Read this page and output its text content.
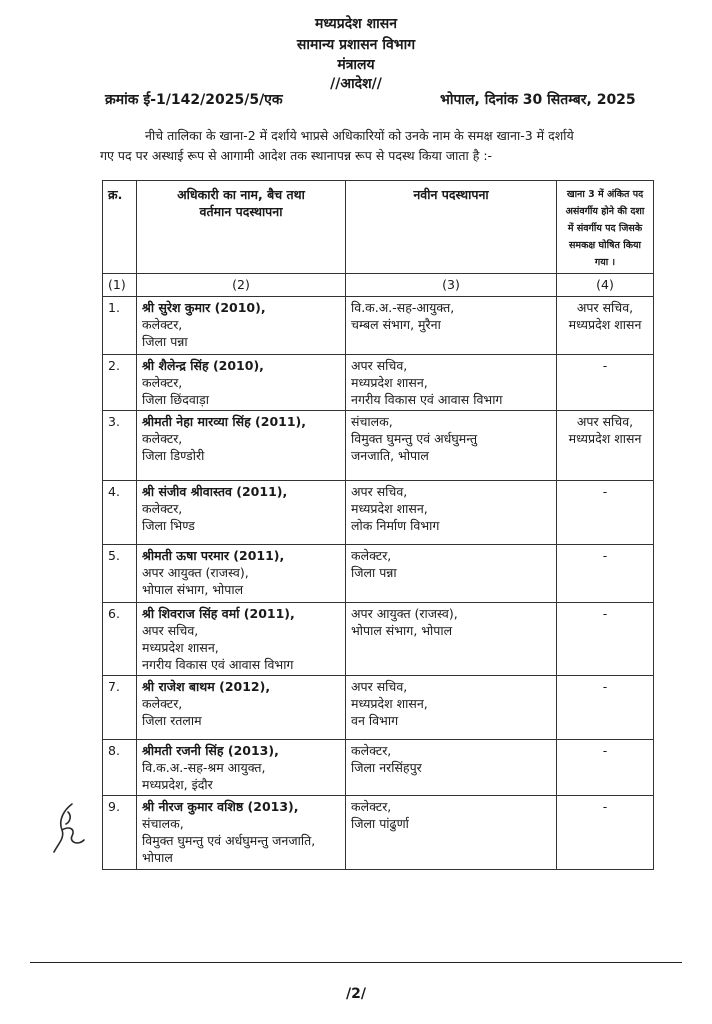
मध्यप्रदेश शासन
सामान्य प्रशासन विभाग
मंत्रालय
//आदेश//
क्रमांक ई-1/142/2025/5/एक	भोपाल, दिनांक 30 सितम्बर, 2025
नीचे तालिका के खाना-2 में दर्शाये भाप्रसे अधिकारियों को उनके नाम के समक्ष खाना-3 में दर्शाये
गए पद पर अस्थाई रूप से आगामी आदेश तक स्थानापन्न रूप से पदस्थ किया जाता है :-
क्र.	अधिकारी का नाम, बैच तथा
वर्तमान पदस्थापना	नवीन पदस्थापना	खाना 3 में अंकित पद असंवर्गीय होने की दशा में संवर्गीय पद जिसके समकक्ष घोषित किया गया ।
(1)	(2)	(3)	(4)
1.	श्री सुरेश कुमार (2010),
कलेक्टर,
जिला पन्ना	वि.क.अ.-सह-आयुक्त,
चम्बल संभाग, मुरैना	अपर सचिव,
मध्यप्रदेश शासन

2.	श्री शैलेन्द्र सिंह (2010),
कलेक्टर,
जिला छिंदवाड़ा	अपर सचिव,
मध्यप्रदेश शासन,
नगरीय विकास एवं आवास विभाग	-

3.	श्रीमती नेहा मारव्या सिंह (2011),
कलेक्टर,
जिला डिण्डोरी	संचालक,
विमुक्त घुमन्तु एवं अर्धघुमन्तु
जनजाति, भोपाल	अपर सचिव,
मध्यप्रदेश शासन

4.	श्री संजीव श्रीवास्तव (2011),
कलेक्टर,
जिला भिण्ड	अपर सचिव,
मध्यप्रदेश शासन,
लोक निर्माण विभाग	-

5.	श्रीमती ऊषा परमार (2011),
अपर आयुक्त (राजस्व),
भोपाल संभाग, भोपाल	कलेक्टर,
जिला पन्ना	-

6.	श्री शिवराज सिंह वर्मा (2011),
अपर सचिव,
मध्यप्रदेश शासन,
नगरीय विकास एवं आवास विभाग	अपर आयुक्त (राजस्व),
भोपाल संभाग, भोपाल	-

7.	श्री राजेश बाथम (2012),
कलेक्टर,
जिला रतलाम	अपर सचिव,
मध्यप्रदेश शासन,
वन विभाग	-

8.	श्रीमती रजनी सिंह (2013),
वि.क.अ.-सह-श्रम आयुक्त,
मध्यप्रदेश, इंदौर	कलेक्टर,
जिला नरसिंहपुर	-

9.	श्री नीरज कुमार वशिष्ठ (2013),
संचालक,
विमुक्त घुमन्तु एवं अर्धघुमन्तु जनजाति,
भोपाल	कलेक्टर,
जिला पांढुर्णा	-
/2/
